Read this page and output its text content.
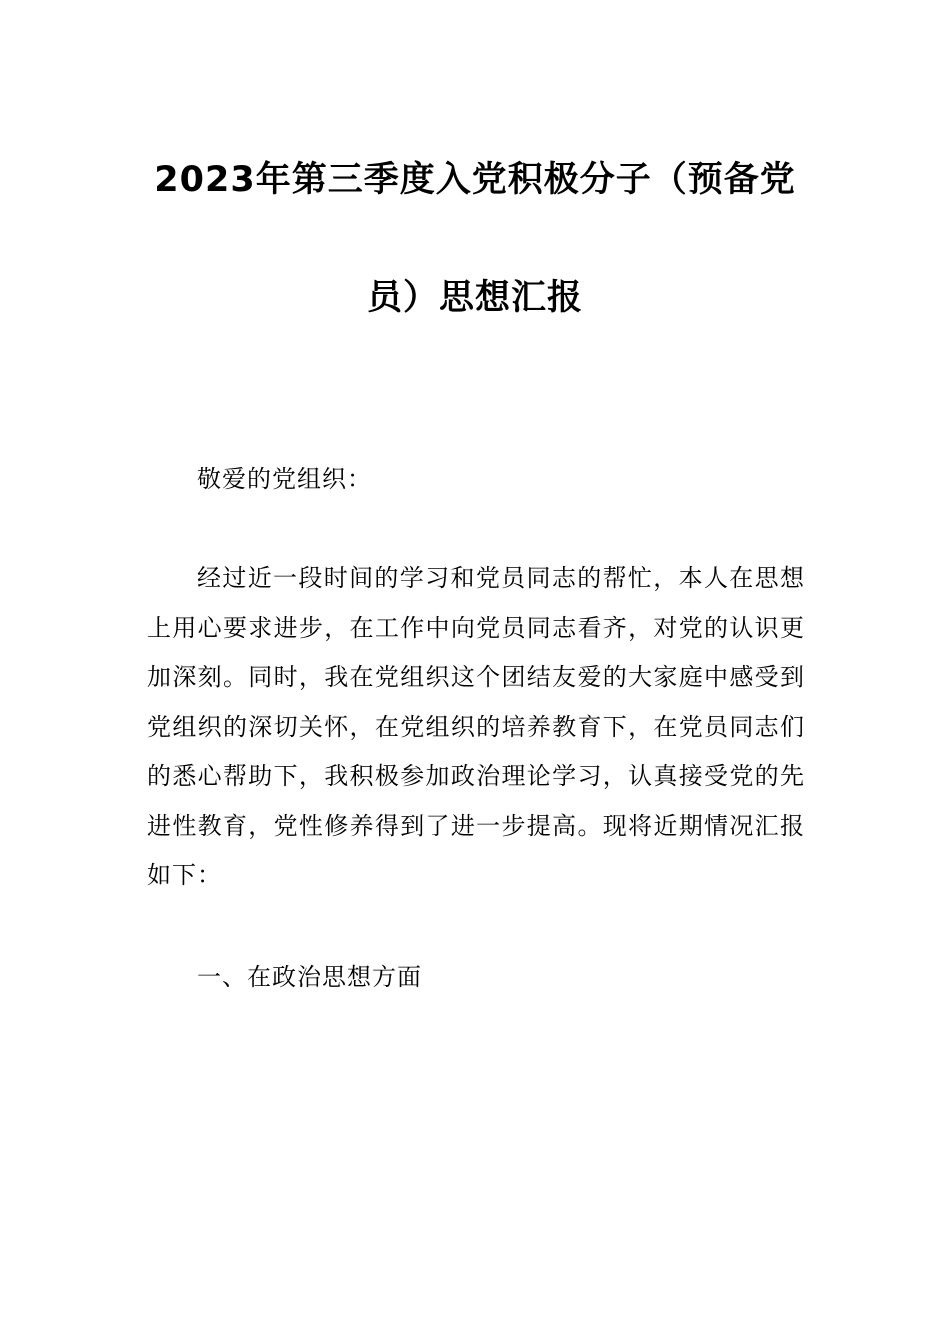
2023年第三季度入党积极分子（预备党
员）思想汇报
敬爱的党组织：
经过近一段时间的学习和党员同志的帮忙，本人在思想上用心要求进步，在工作中向党员同志看齐，对党的认识更加深刻。同时，我在党组织这个团结友爱的大家庭中感受到党组织的深切关怀，在党组织的培养教育下，在党员同志们的悉心帮助下，我积极参加政治理论学习，认真接受党的先进性教育，党性修养得到了进一步提高。现将近期情况汇报如下：
一、在政治思想方面
